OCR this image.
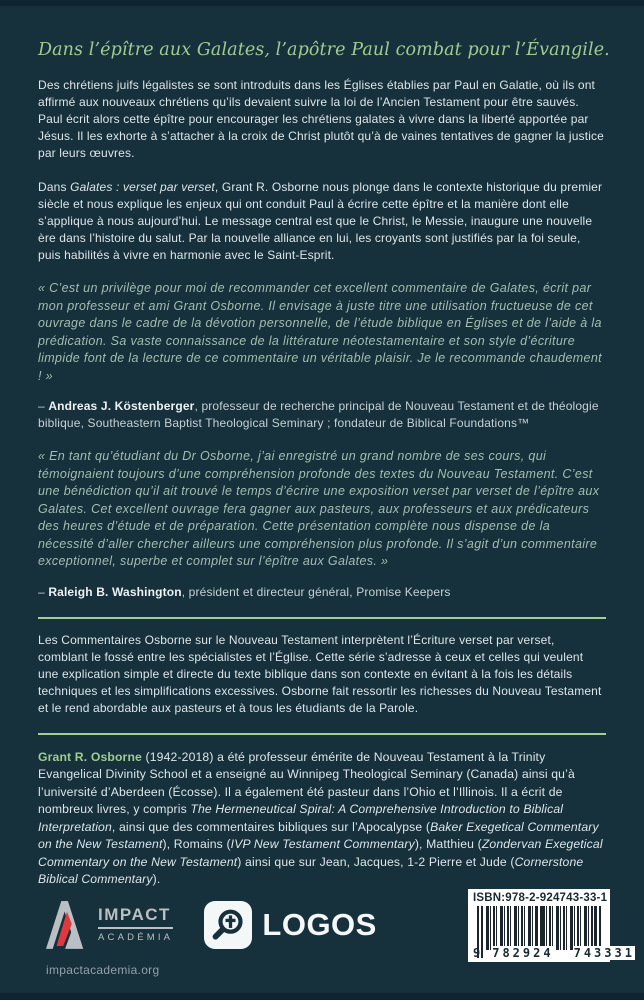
Dans l’épître aux Galates, l’apôtre Paul combat pour l’Évangile.

Des chrétiens juifs légalistes se sont introduits dans les Églises établies par Paul en Galatie, où ils ont affirmé aux nouveaux chrétiens qu’ils devaient suivre la loi de l’Ancien Testament pour être sauvés. Paul écrit alors cette épître pour encourager les chrétiens galates à vivre dans la liberté apportée par Jésus. Il les exhorte à s’attacher à la croix de Christ plutôt qu’à de vaines tentatives de gagner la justice par leurs œuvres.

Dans Galates : verset par verset, Grant R. Osborne nous plonge dans le contexte historique du premier siècle et nous explique les enjeux qui ont conduit Paul à écrire cette épître et la manière dont elle s’applique à nous aujourd’hui. Le message central est que le Christ, le Messie, inaugure une nouvelle ère dans l’histoire du salut. Par la nouvelle alliance en lui, les croyants sont justifiés par la foi seule, puis habilités à vivre en harmonie avec le Saint-Esprit.

« C’est un privilège pour moi de recommander cet excellent commentaire de Galates, écrit par mon professeur et ami Grant Osborne. Il envisage à juste titre une utilisation fructueuse de cet ouvrage dans le cadre de la dévotion personnelle, de l’étude biblique en Églises et de l’aide à la prédication. Sa vaste connaissance de la littérature néotestamentaire et son style d’écriture limpide font de la lecture de ce commentaire un véritable plaisir. Je le recommande chaudement ! »

– Andreas J. Köstenberger, professeur de recherche principal de Nouveau Testament et de théologie biblique, Southeastern Baptist Theological Seminary ; fondateur de Biblical Foundations™

« En tant qu’étudiant du Dr Osborne, j’ai enregistré un grand nombre de ses cours, qui témoignaient toujours d’une compréhension profonde des textes du Nouveau Testament. C’est une bénédiction qu’il ait trouvé le temps d’écrire une exposition verset par verset de l’épître aux Galates. Cet excellent ouvrage fera gagner aux pasteurs, aux professeurs et aux prédicateurs des heures d’étude et de préparation. Cette présentation complète nous dispense de la nécessité d’aller chercher ailleurs une compréhension plus profonde. Il s’agit d’un commentaire exceptionnel, superbe et complet sur l’épître aux Galates. »

– Raleigh B. Washington, président et directeur général, Promise Keepers

Les Commentaires Osborne sur le Nouveau Testament interprètent l’Écriture verset par verset, comblant le fossé entre les spécialistes et l’Église. Cette série s’adresse à ceux et celles qui veulent une explication simple et directe du texte biblique dans son contexte en évitant à la fois les détails techniques et les simplifications excessives. Osborne fait ressortir les richesses du Nouveau Testament et le rend abordable aux pasteurs et à tous les étudiants de la Parole.

Grant R. Osborne (1942-2018) a été professeur émérite de Nouveau Testament à la Trinity Evangelical Divinity School et a enseigné au Winnipeg Theological Seminary (Canada) ainsi qu’à l’université d’Aberdeen (Écosse). Il a également été pasteur dans l’Ohio et l’Illinois. Il a écrit de nombreux livres, y compris The Hermeneutical Spiral: A Comprehensive Introduction to Biblical Interpretation, ainsi que des commentaires bibliques sur l’Apocalypse (Baker Exegetical Commentary on the New Testament), Romains (IVP New Testament Commentary), Matthieu (Zondervan Exegetical Commentary on the New Testament) ainsi que sur Jean, Jacques, 1-2 Pierre et Jude (Cornerstone Biblical Commentary).

IMPACT
ACADÉMIA
impactacademia.org
LOGOS
ISBN:978-2-924743-33-1
9 782924 743331
